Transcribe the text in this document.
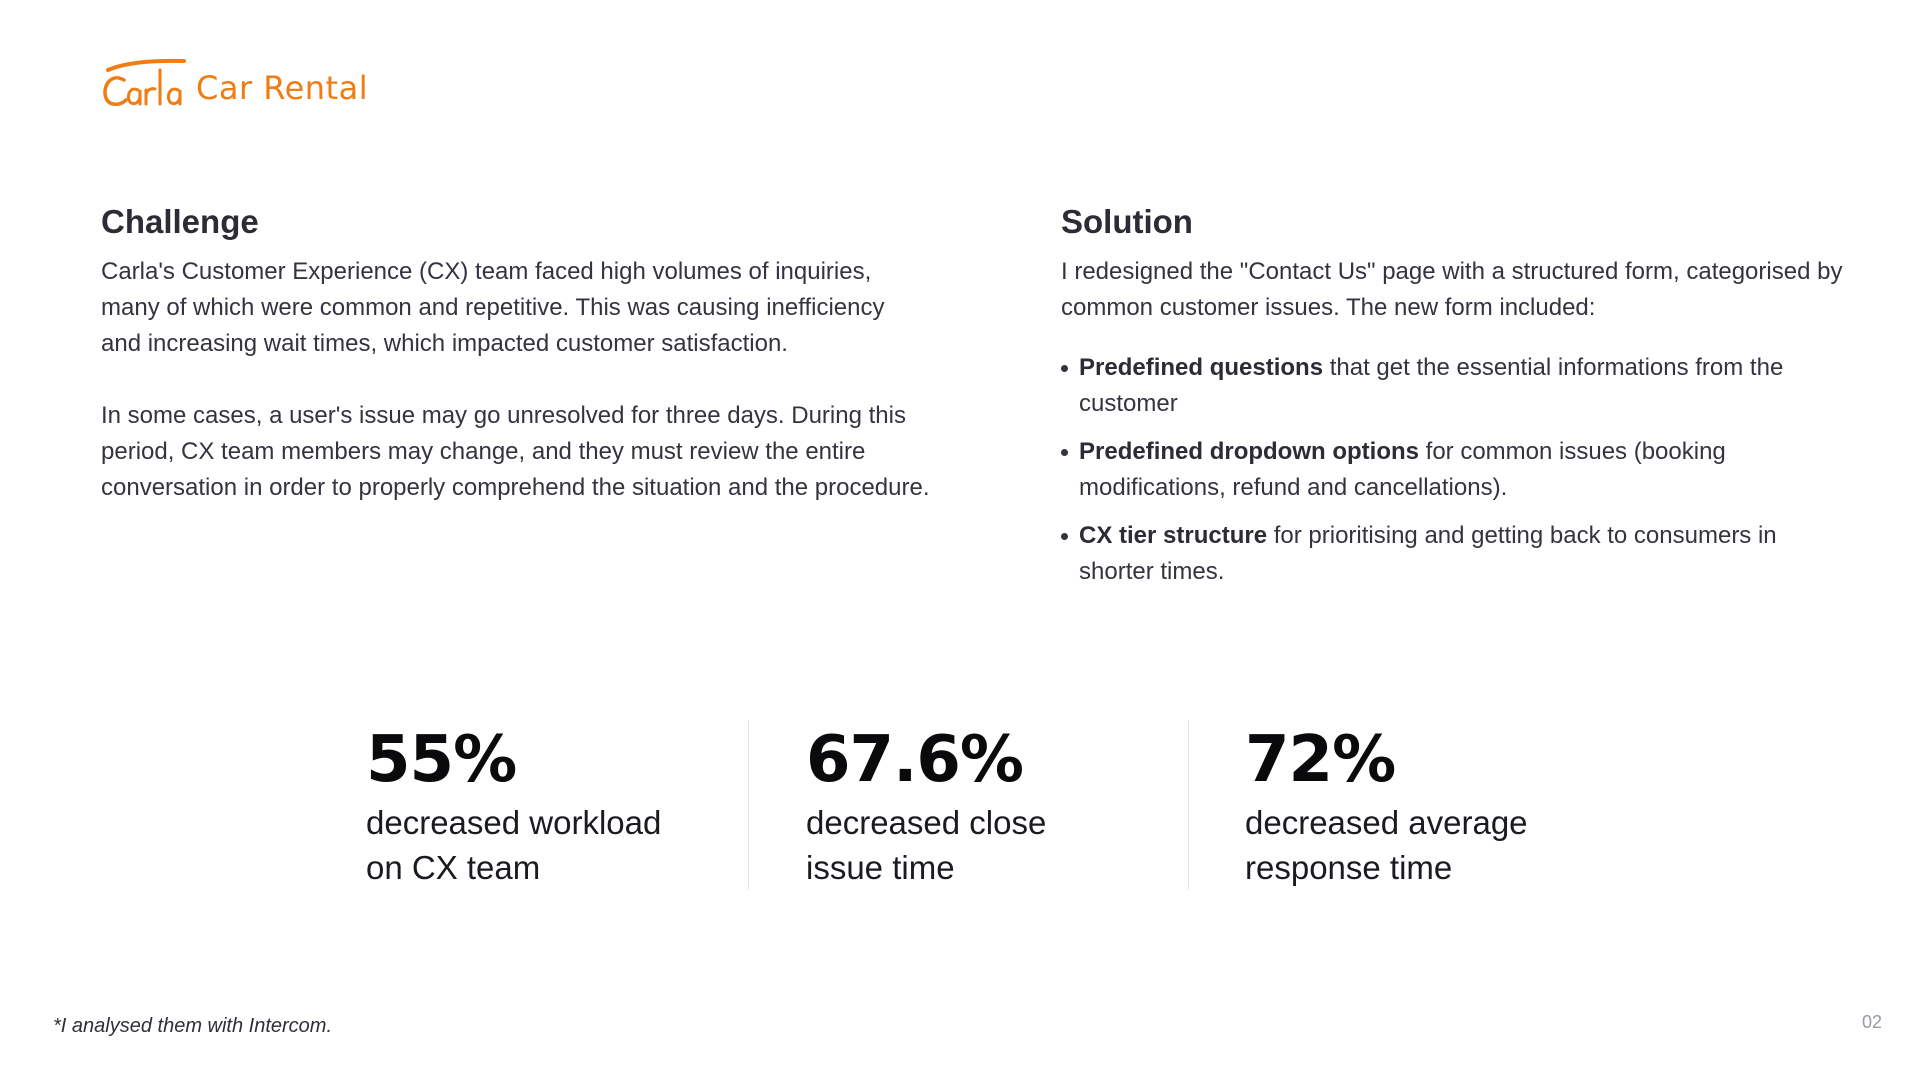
Car Rental
Challenge

Carla's Customer Experience (CX) team faced high volumes of inquiries, many of which were common and repetitive. This was causing inefficiency and increasing wait times, which impacted customer satisfaction.

In some cases, a user's issue may go unresolved for three days. During this period, CX team members may change, and they must review the entire conversation in order to properly comprehend the situation and the procedure.

Solution

I redesigned the "Contact Us" page with a structured form, categorised by common customer issues. The new form included:

Predefined questions that get the essential informations from the customer
Predefined dropdown options for common issues (booking modifications, refund and cancellations).
CX tier structure for prioritising and getting back to consumers in shorter times.
55%
decreased workload
on CX team
67.6%
decreased close
issue time
72%
decreased average
response time
*I analysed them with Intercom.	02
